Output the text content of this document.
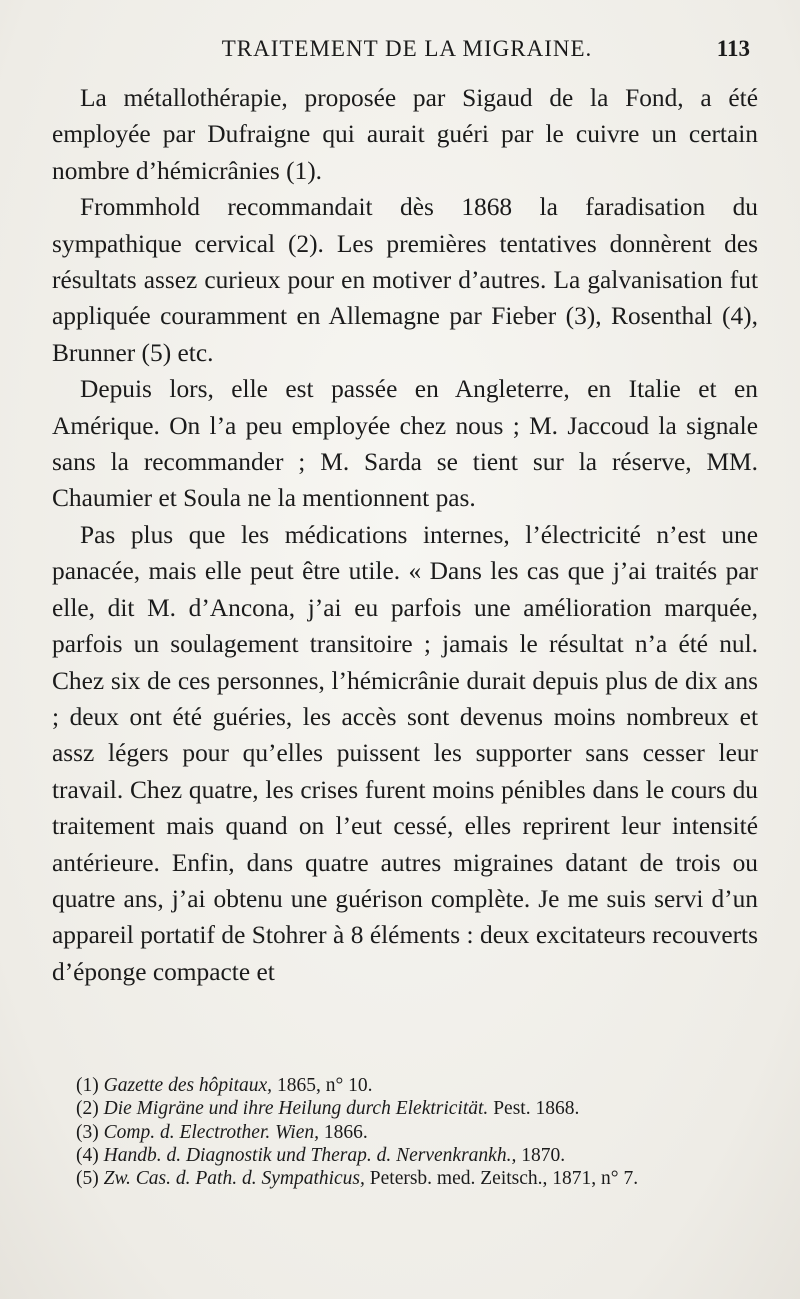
TRAITEMENT DE LA MIGRAINE.	113

La métallothérapie, proposée par Sigaud de la Fond, a été employée par Dufraigne qui aurait guéri par le cuivre un certain nombre d’hémicrânies (1).

Frommhold recommandait dès 1868 la faradisation du sympathique cervical (2). Les premières tentatives donnèrent des résultats assez curieux pour en motiver d’autres. La galvanisation fut appliquée couramment en Allemagne par Fieber (3), Rosenthal (4), Brunner (5) etc.

Depuis lors, elle est passée en Angleterre, en Italie et en Amérique. On l’a peu employée chez nous ; M. Jaccoud la signale sans la recommander ; M. Sarda se tient sur la réserve, MM. Chaumier et Soula ne la mentionnent pas.

Pas plus que les médications internes, l’électricité n’est une panacée, mais elle peut être utile. « Dans les cas que j’ai traités par elle, dit M. d’Ancona, j’ai eu parfois une amélioration marquée, parfois un soulagement transitoire ; jamais le résultat n’a été nul. Chez six de ces personnes, l’hémicrânie durait depuis plus de dix ans ; deux ont été guéries, les accès sont devenus moins nombreux et assz légers pour qu’elles puissent les supporter sans cesser leur travail. Chez quatre, les crises furent moins pénibles dans le cours du traitement mais quand on l’eut cessé, elles reprirent leur intensité antérieure. Enfin, dans quatre autres migraines datant de trois ou quatre ans, j’ai obtenu une guérison complète. Je me suis servi d’un appareil portatif de Stohrer à 8 éléments : deux excitateurs recouverts d’éponge compacte et

(1) Gazette des hôpitaux, 1865, n° 10.

(2) Die Migräne und ihre Heilung durch Elektricität. Pest. 1868.

(3) Comp. d. Electrother. Wien, 1866.

(4) Handb. d. Diagnostik und Therap. d. Nervenkrankh., 1870.

(5) Zw. Cas. d. Path. d. Sympathicus, Petersb. med. Zeitsch., 1871, n° 7.
